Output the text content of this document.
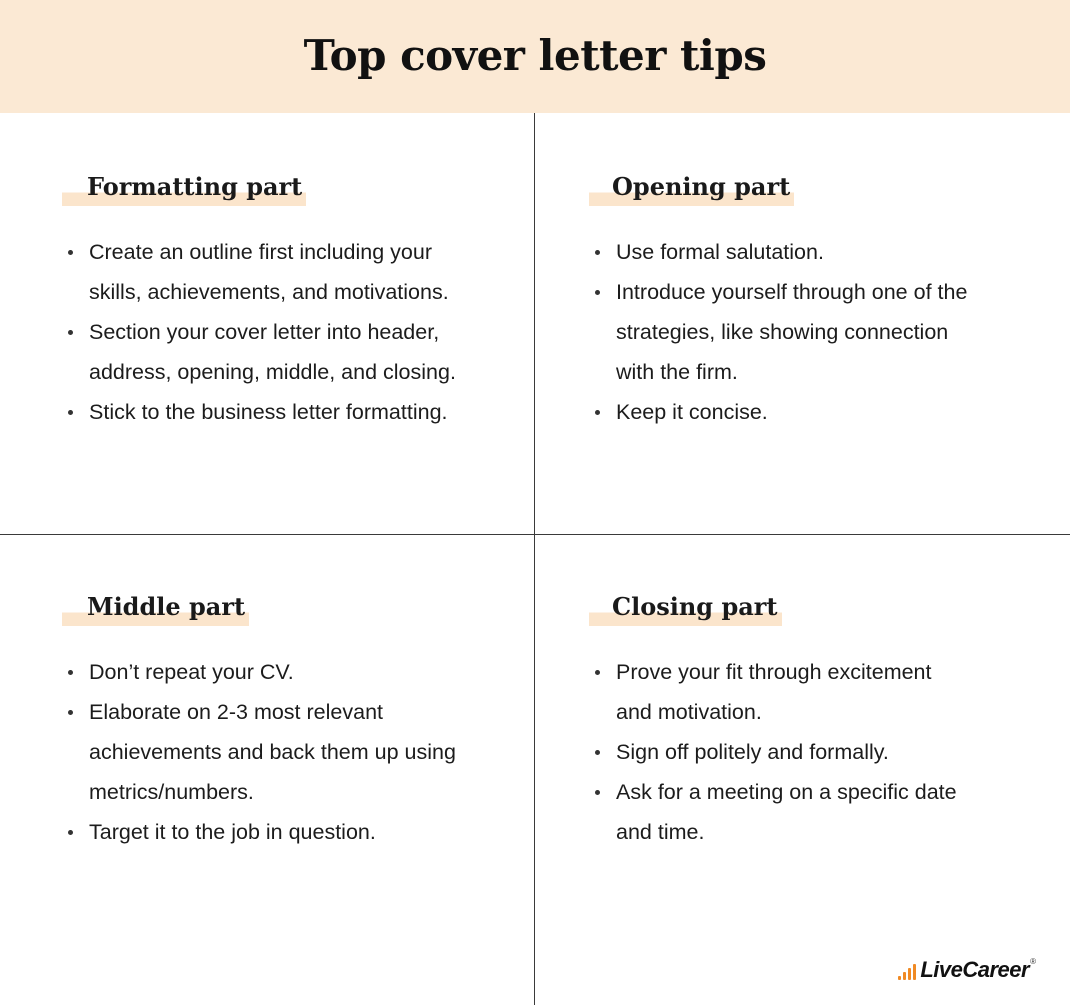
Top cover letter tips
Formatting part
Create an outline first including your
skills, achievements, and motivations.
Section your cover letter into header,
address, opening, middle, and closing.
Stick to the business letter formatting.
Opening part
Use formal salutation.
Introduce yourself through one of the
strategies, like showing connection
with the firm.
Keep it concise.
Middle part
Don’t repeat your CV.
Elaborate on 2-3 most relevant
achievements and back them up using
metrics/numbers.
Target it to the job in question.
Closing part
Prove your fit through excitement
and motivation.
Sign off politely and formally.
Ask for a meeting on a specific date
and time.
LiveCareer ®
